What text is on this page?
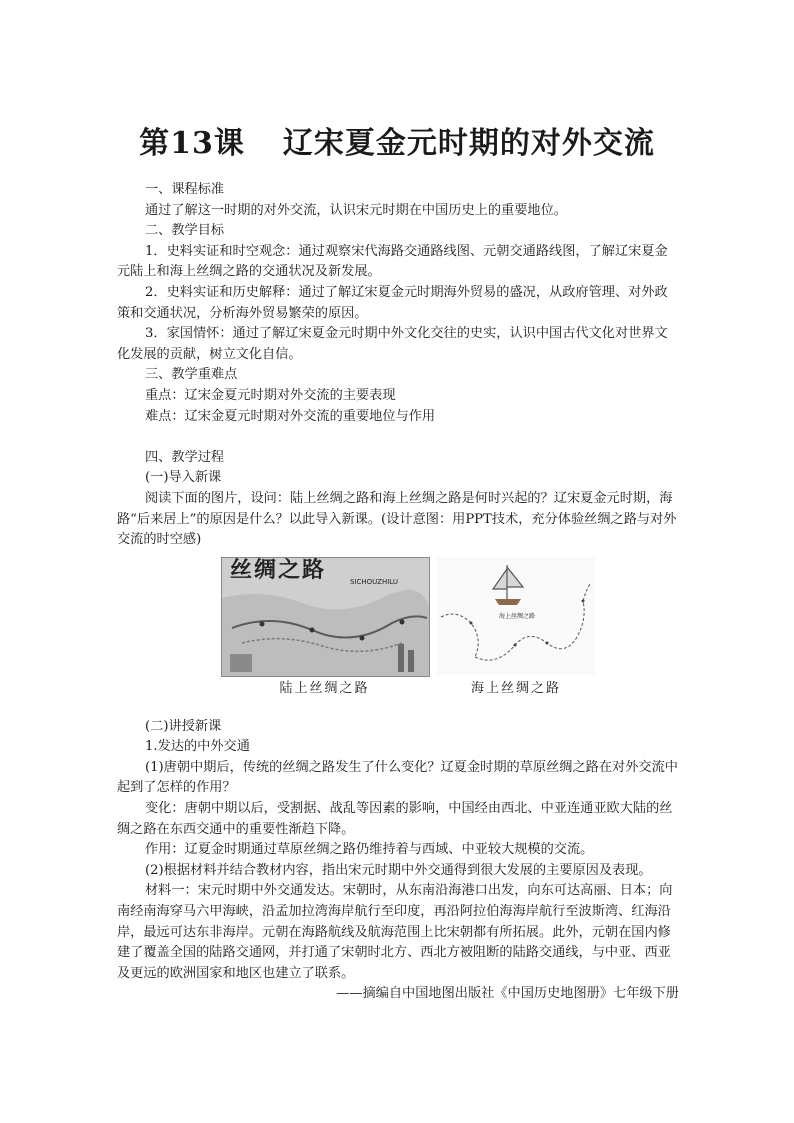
第13课 辽宋夏金元时期的对外交流

一、课程标准

通过了解这一时期的对外交流，认识宋元时期在中国历史上的重要地位。

二、教学目标

1．史料实证和时空观念：通过观察宋代海路交通路线图、元朝交通路线图，了解辽宋夏金元陆上和海上丝绸之路的交通状况及新发展。

2．史料实证和历史解释：通过了解辽宋夏金元时期海外贸易的盛况，从政府管理、对外政策和交通状况，分析海外贸易繁荣的原因。

3．家国情怀：通过了解辽宋夏金元时期中外文化交往的史实，认识中国古代文化对世界文化发展的贡献，树立文化自信。

三、教学重难点

重点：辽宋金夏元时期对外交流的主要表现

难点：辽宋金夏元时期对外交流的重要地位与作用

四、教学过程

(一)导入新课

阅读下面的图片，设问：陆上丝绸之路和海上丝绸之路是何时兴起的？辽宋夏金元时期，海路“后来居上”的原因是什么？以此导入新课。(设计意图：用PPT技术，充分体验丝绸之路与对外交流的时空感)

丝绸之路	SICHOUZHILU
海上丝绸之路
陆上丝绸之路	海上丝绸之路

(二)讲授新课

1.发达的中外交通

(1)唐朝中期后，传统的丝绸之路发生了什么变化？辽夏金时期的草原丝绸之路在对外交流中起到了怎样的作用？

变化：唐朝中期以后，受割据、战乱等因素的影响，中国经由西北、中亚连通亚欧大陆的丝绸之路在东西交通中的重要性渐趋下降。

作用：辽夏金时期通过草原丝绸之路仍维持着与西域、中亚较大规模的交流。

(2)根据材料并结合教材内容，指出宋元时期中外交通得到很大发展的主要原因及表现。

材料一：宋元时期中外交通发达。宋朝时，从东南沿海港口出发，向东可达高丽、日本；向南经南海穿马六甲海峡，沿孟加拉湾海岸航行至印度，再沿阿拉伯海海岸航行至波斯湾、红海沿岸，最远可达东非海岸。元朝在海路航线及航海范围上比宋朝都有所拓展。此外，元朝在国内修建了覆盖全国的陆路交通网，并打通了宋朝时北方、西北方被阻断的陆路交通线，与中亚、西亚及更远的欧洲国家和地区也建立了联系。

——摘编自中国地图出版社《中国历史地图册》七年级下册
